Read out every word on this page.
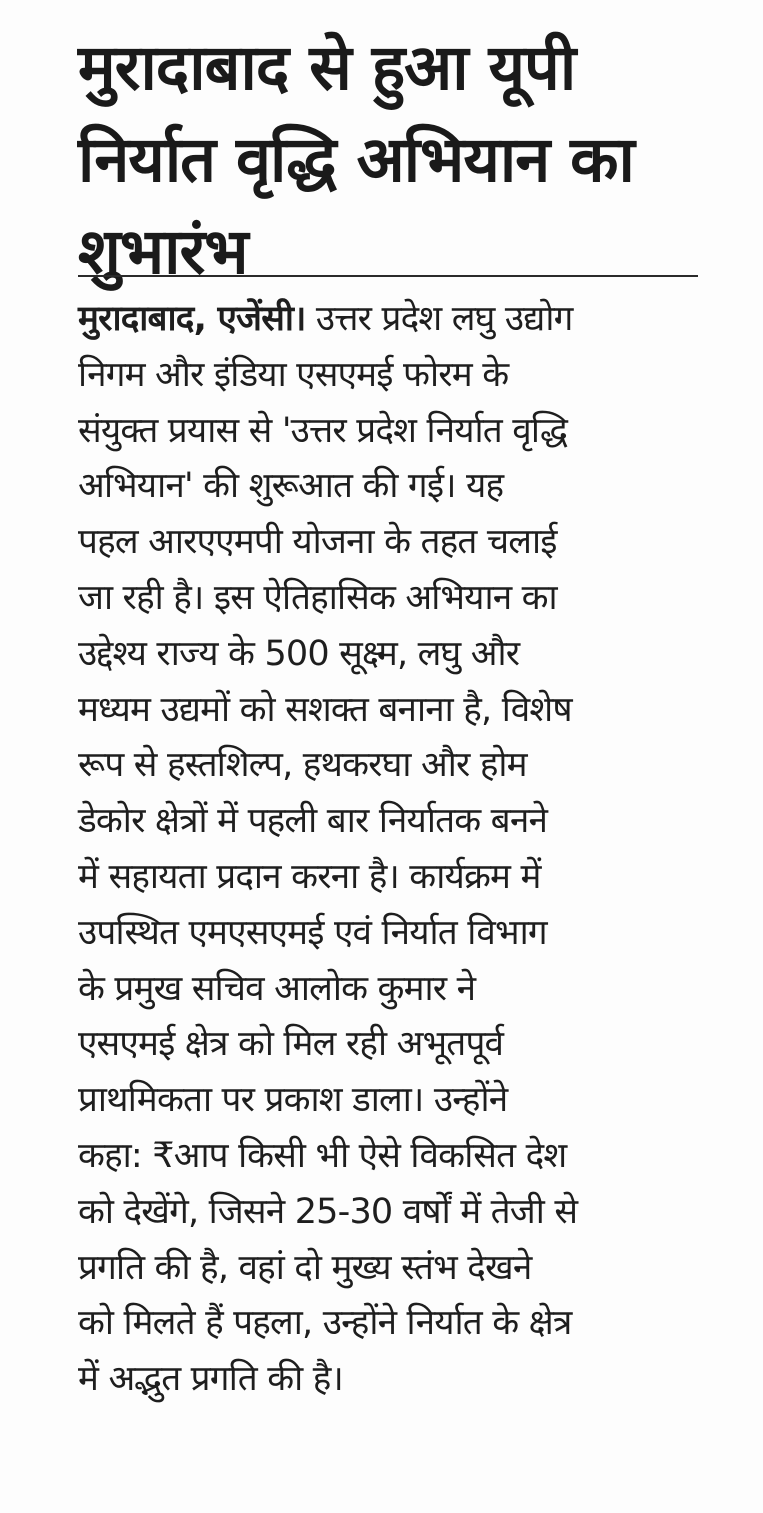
मुरादाबाद से हुआ यूपी
निर्यात वृद्धि अभियान का
शुभारंभ
मुरादाबाद, एजेंसी। उत्तर प्रदेश लघु उद्योग
निगम और इंडिया एसएमई फोरम के
संयुक्त प्रयास से 'उत्तर प्रदेश निर्यात वृद्धि
अभियान' की शुरूआत की गई। यह
पहल आरएएमपी योजना के तहत चलाई
जा रही है। इस ऐतिहासिक अभियान का
उद्देश्य राज्य के 500 सूक्ष्म, लघु और
मध्यम उद्यमों को सशक्त बनाना है, विशेष
रूप से हस्तशिल्प, हथकरघा और होम
डेकोर क्षेत्रों में पहली बार निर्यातक बनने
में सहायता प्रदान करना है। कार्यक्रम में
उपस्थित एमएसएमई एवं निर्यात विभाग
के प्रमुख सचिव आलोक कुमार ने
एसएमई क्षेत्र को मिल रही अभूतपूर्व
प्राथमिकता पर प्रकाश डाला। उन्होंने
कहा: ₹आप किसी भी ऐसे विकसित देश
को देखेंगे, जिसने 25-30 वर्षों में तेजी से
प्रगति की है, वहां दो मुख्य स्तंभ देखने
को मिलते हैं पहला, उन्होंने निर्यात के क्षेत्र
में अद्भुत प्रगति की है।
